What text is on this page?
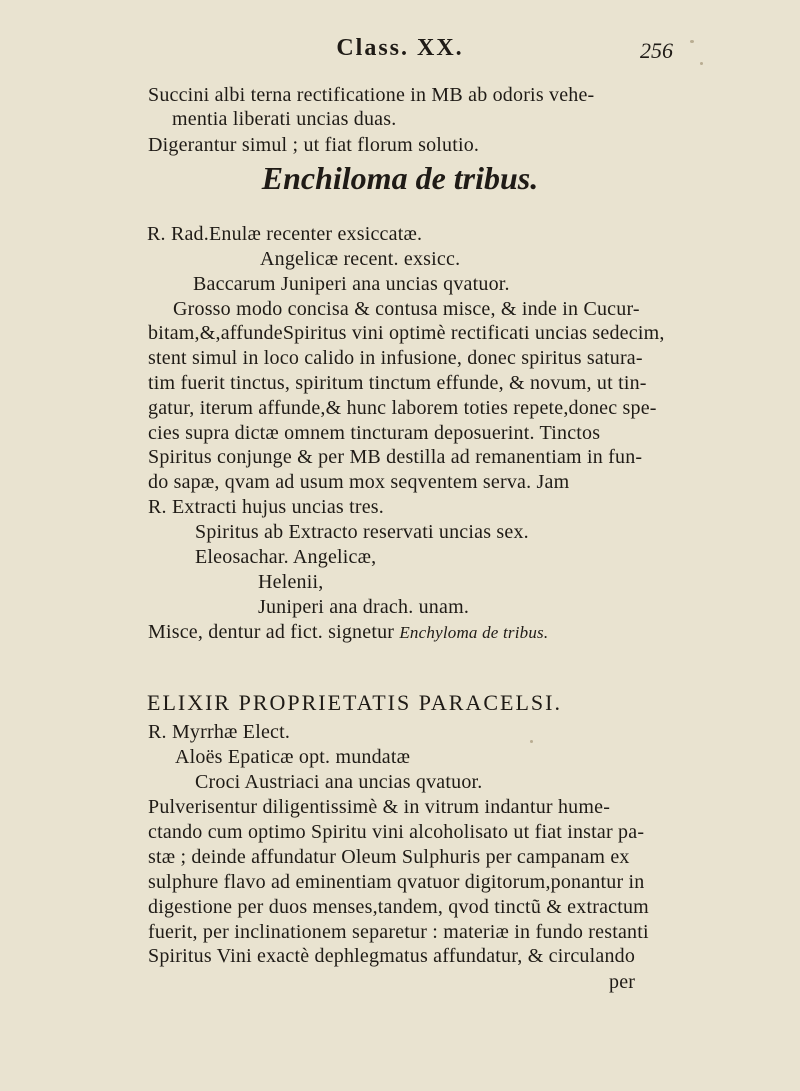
Class. XX.	256
Succini albi terna rectificatione in MB ab odoris vehe-
mentia liberati uncias duas.
Digerantur simul ; ut fiat florum solutio.
Enchiloma de tribus.
R. Rad.Enulæ recenter exsiccatæ.
Angelicæ recent. exsicc.
Baccarum Juniperi ana uncias qvatuor.
Grosso modo concisa & contusa misce, & inde in Cucur-
bitam,&,affundeSpiritus vini optimè rectificati uncias sedecim,
stent simul in loco calido in infusione, donec spiritus satura-
tim fuerit tinctus, spiritum tinctum effunde, & novum, ut tin-
gatur, iterum affunde,& hunc laborem toties repete,donec spe-
cies supra dictæ omnem tincturam deposuerint. Tinctos
Spiritus conjunge & per MB destilla ad remanentiam in fun-
do sapæ, qvam ad usum mox seqventem serva. Jam
R. Extracti hujus uncias tres.
Spiritus ab Extracto reservati uncias sex.
Eleosachar. Angelicæ,
Helenii,
Juniperi ana drach. unam.
Misce, dentur ad fict. signetur Enchyloma de tribus.
ELIXIR PROPRIETATIS PARACELSI.
R. Myrrhæ Elect.
Aloës Epaticæ opt. mundatæ
Croci Austriaci ana uncias qvatuor.
Pulverisentur diligentissimè & in vitrum indantur hume-
ctando cum optimo Spiritu vini alcoholisato ut fiat instar pa-
stæ ; deinde affundatur Oleum Sulphuris per campanam ex
sulphure flavo ad eminentiam qvatuor digitorum,ponantur in
digestione per duos menses,tandem, qvod tinctũ & extractum
fuerit, per inclinationem separetur : materiæ in fundo restanti
Spiritus Vini exactè dephlegmatus affundatur, & circulando
per
